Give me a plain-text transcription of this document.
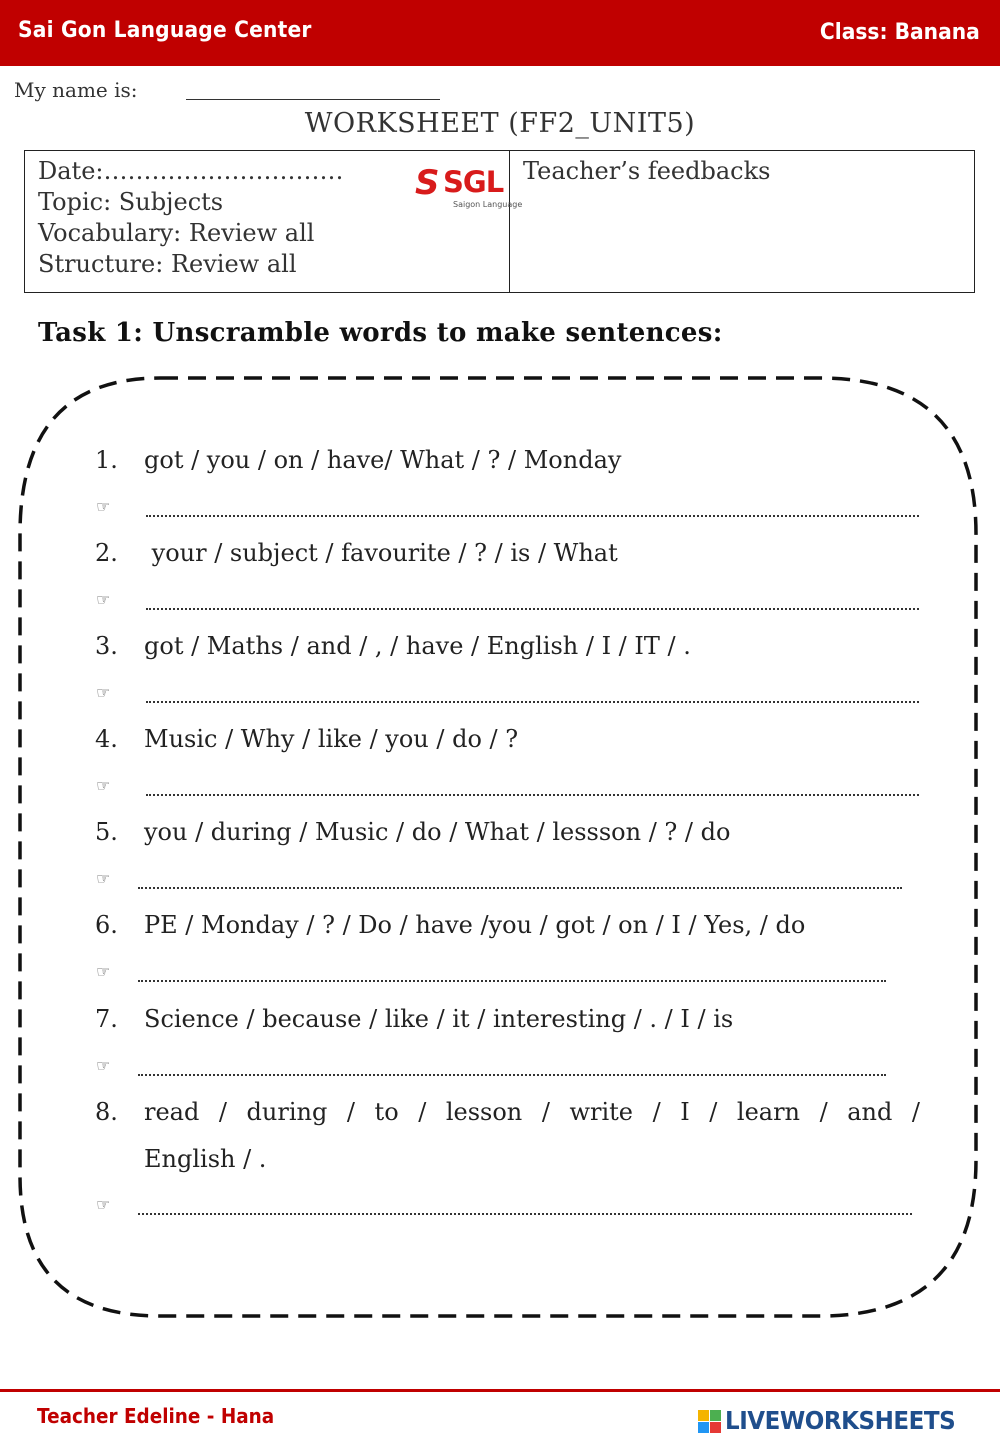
Sai Gon Language Center	Class: Banana
My name is:
WORKSHEET (FF2_UNIT5)
Date:…………………………
Topic: Subjects
Vocabulary: Review all
Structure: Review all
S SGL
Saigon Language
Teacher’s feedbacks
Task 1: Unscramble words to make sentences:
1. got / you / on / have/ What / ? / Monday
☞
2. your / subject / favourite / ? / is / What
☞
3. got / Maths / and / , / have / English / I / IT / .
☞
4. Music / Why / like / you / do / ?
☞
5. you / during / Music / do / What / lessson / ? / do
☞
6. PE / Monday / ? / Do / have /you / got / on / I / Yes, / do
☞
7. Science / because / like / it / interesting / . / I / is
☞
8. read / during / to / lesson / write / I / learn / and /
English / .
☞
Teacher Edeline - Hana	LIVEWORKSHEETS
